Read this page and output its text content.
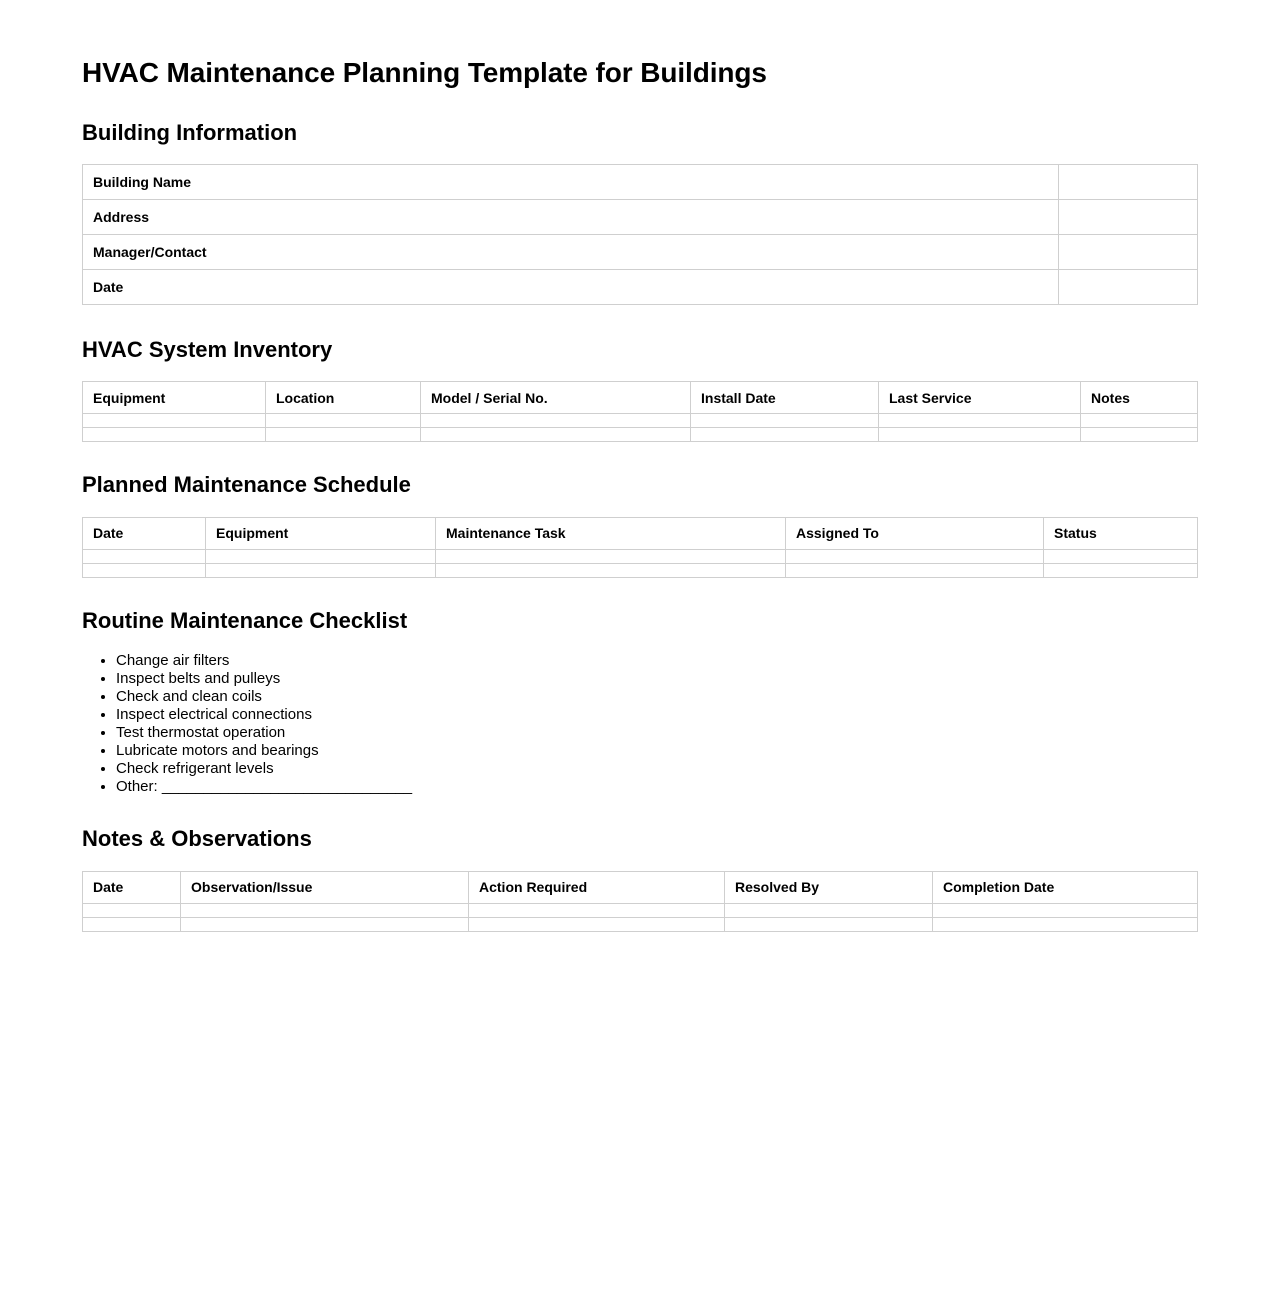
HVAC Maintenance Planning Template for Buildings
Building Information
Building Name	
Address	
Manager/Contact	
Date	
HVAC System Inventory
Equipment	Location	Model / Serial No.	Install Date	Last Service	Notes

Planned Maintenance Schedule
Date	Equipment	Maintenance Task	Assigned To	Status

Routine Maintenance Checklist
• Change air filters
• Inspect belts and pulleys
• Check and clean coils
• Inspect electrical connections
• Test thermostat operation
• Lubricate motors and bearings
• Check refrigerant levels
• Other: ______________________________
Notes & Observations
Date	Observation/Issue	Action Required	Resolved By	Completion Date
